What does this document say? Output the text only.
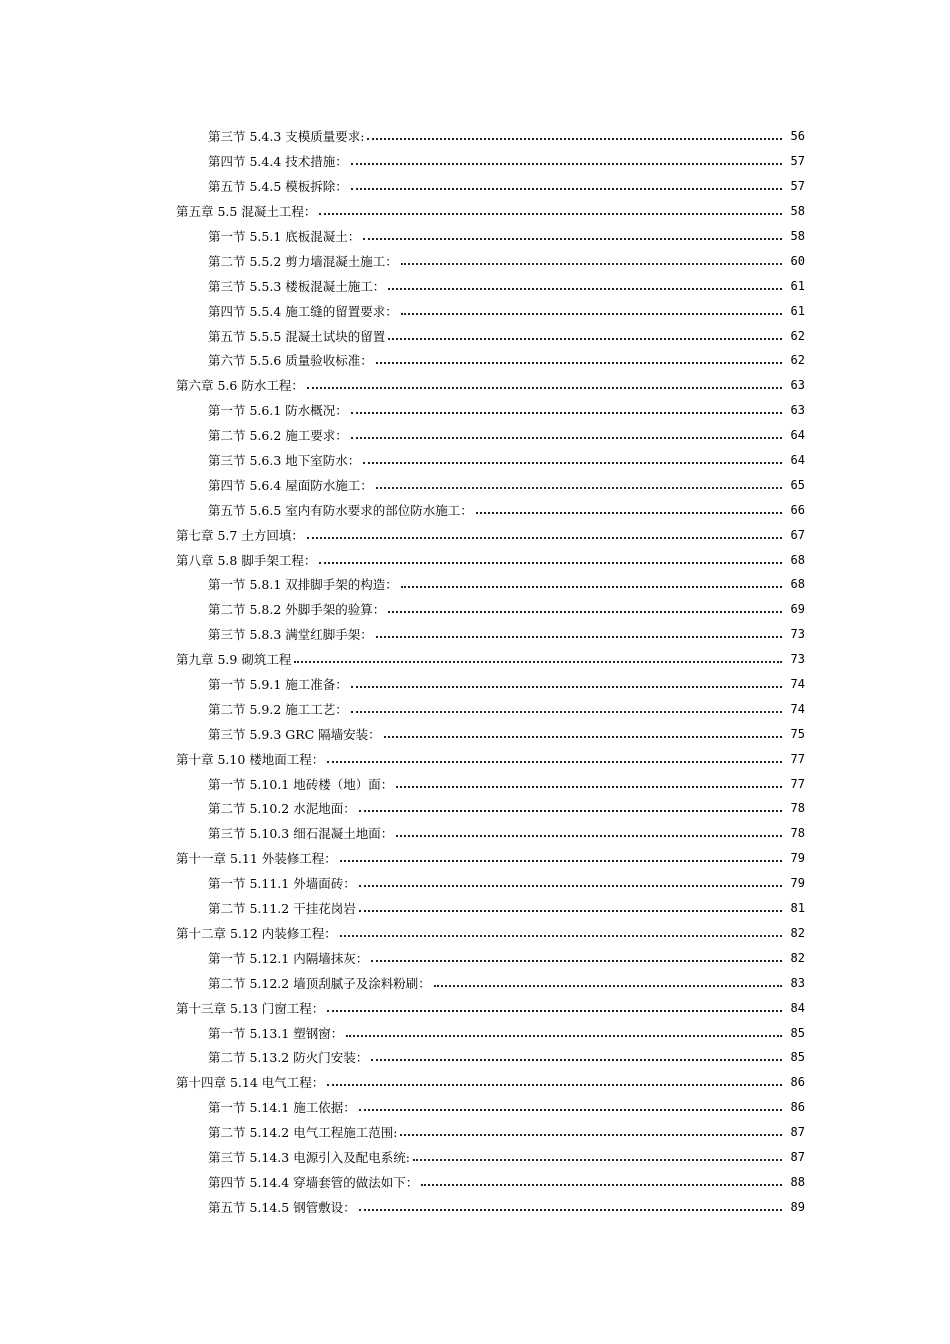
第三节 5.4.3 支模质量要求:	56
第四节 5.4.4 技术措施：	57
第五节 5.4.5 模板拆除：	57
第五章 5.5 混凝土工程：	58
第一节 5.5.1 底板混凝土：	58
第二节 5.5.2 剪力墙混凝土施工：	60
第三节 5.5.3 楼板混凝土施工：	61
第四节 5.5.4 施工缝的留置要求：	61
第五节 5.5.5 混凝土试块的留置	62
第六节 5.5.6 质量验收标准：	62
第六章 5.6 防水工程：	63
第一节 5.6.1 防水概况：	63
第二节 5.6.2 施工要求：	64
第三节 5.6.3 地下室防水：	64
第四节 5.6.4 屋面防水施工：	65
第五节 5.6.5 室内有防水要求的部位防水施工：	66
第七章 5.7 土方回填：	67
第八章 5.8 脚手架工程：	68
第一节 5.8.1 双排脚手架的构造：	68
第二节 5.8.2 外脚手架的验算：	69
第三节 5.8.3 满堂红脚手架：	73
第九章 5.9 砌筑工程	73
第一节 5.9.1 施工准备：	74
第二节 5.9.2 施工工艺：	74
第三节 5.9.3 GRC 隔墙安装：	75
第十章 5.10 楼地面工程：	77
第一节 5.10.1 地砖楼（地）面：	77
第二节 5.10.2 水泥地面：	78
第三节 5.10.3 细石混凝土地面：	78
第十一章 5.11 外装修工程：	79
第一节 5.11.1 外墙面砖：	79
第二节 5.11.2 干挂花岗岩	81
第十二章 5.12 内装修工程：	82
第一节 5.12.1 内隔墙抹灰：	82
第二节 5.12.2 墙顶刮腻子及涂料粉刷：	83
第十三章 5.13 门窗工程：	84
第一节 5.13.1 塑钢窗：	85
第二节 5.13.2 防火门安装：	85
第十四章 5.14 电气工程：	86
第一节 5.14.1 施工依据：	86
第二节 5.14.2 电气工程施工范围:	87
第三节 5.14.3 电源引入及配电系统:	87
第四节 5.14.4 穿墙套管的做法如下：	88
第五节 5.14.5 钢管敷设：	89
